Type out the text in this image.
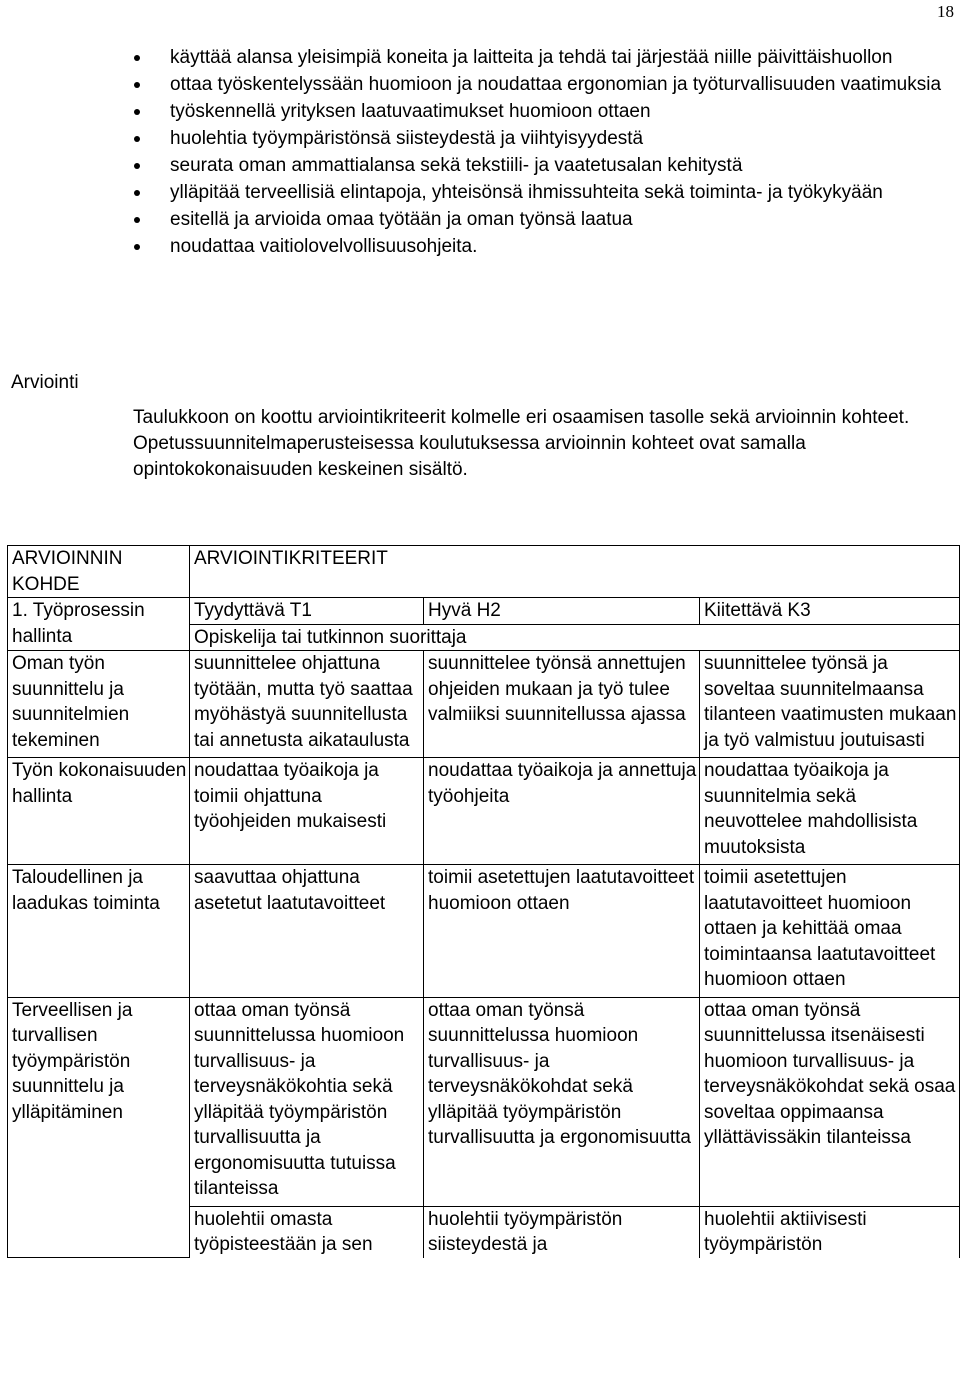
18
käyttää alansa yleisimpiä koneita ja laitteita ja tehdä tai järjestää niille päivittäishuollon
ottaa työskentelyssään huomioon ja noudattaa ergonomian ja työturvallisuuden vaatimuksia
työskennellä yrityksen laatuvaatimukset huomioon ottaen
huolehtia työympäristönsä siisteydestä ja viihtyisyydestä
seurata oman ammattialansa sekä tekstiili- ja vaatetusalan kehitystä
ylläpitää terveellisiä elintapoja, yhteisönsä ihmissuhteita sekä toiminta- ja työkykyään
esitellä ja arvioida omaa työtään ja oman työnsä laatua
noudattaa vaitiolovelvollisuusohjeita.
Arviointi

Taulukkoon on koottu arviointikriteerit kolmelle eri osaamisen tasolle sekä arvioinnin kohteet. Opetussuunnitelmaperusteisessa koulutuksessa arvioinnin kohteet ovat samalla opintokokonaisuuden keskeinen sisältö.

ARVIOINNIN KOHDE	ARVIOINTIKRITEERIT		
1. Työprosessin hallinta	Tyydyttävä T1	Hyvä H2	Kiitettävä K3
	Opiskelija tai tutkinnon suorittaja		
Oman työn suunnittelu ja suunnitelmien tekeminen	suunnittelee ohjattuna työtään, mutta työ saattaa myöhästyä suunnitellusta tai annetusta aikataulusta	suunnittelee työnsä annettujen ohjeiden mukaan ja työ tulee valmiiksi suunnitellussa ajassa	suunnittelee työnsä ja soveltaa suunnitelmaansa tilanteen vaatimusten mukaan ja työ valmistuu joutuisasti
Työn kokonaisuuden hallinta	noudattaa työaikoja ja toimii ohjattuna työohjeiden mukaisesti	noudattaa työaikoja ja annettuja työohjeita	noudattaa työaikoja ja suunnitelmia sekä neuvottelee mahdollisista muutoksista
Taloudellinen ja laadukas toiminta	saavuttaa ohjattuna asetetut laatutavoitteet	toimii asetettujen laatutavoitteet huomioon ottaen	toimii asetettujen laatutavoitteet huomioon ottaen ja kehittää omaa toimintaansa laatutavoitteet huomioon ottaen
Terveellisen ja turvallisen työympäristön suunnittelu ja ylläpitäminen	ottaa oman työnsä suunnittelussa huomioon turvallisuus- ja terveysnäkökohtia sekä ylläpitää työympäristön turvallisuutta ja ergonomisuutta tutuissa tilanteissa	ottaa oman työnsä suunnittelussa huomioon turvallisuus- ja terveysnäkökohdat sekä ylläpitää työympäristön turvallisuutta ja ergonomisuutta	ottaa oman työnsä suunnittelussa itsenäisesti huomioon turvallisuus- ja terveysnäkökohdat sekä osaa soveltaa oppimaansa yllättävissäkin tilanteissa
	huolehtii omasta työpisteestään ja sen	huolehtii työympäristön siisteydestä ja	huolehtii aktiivisesti työympäristön
